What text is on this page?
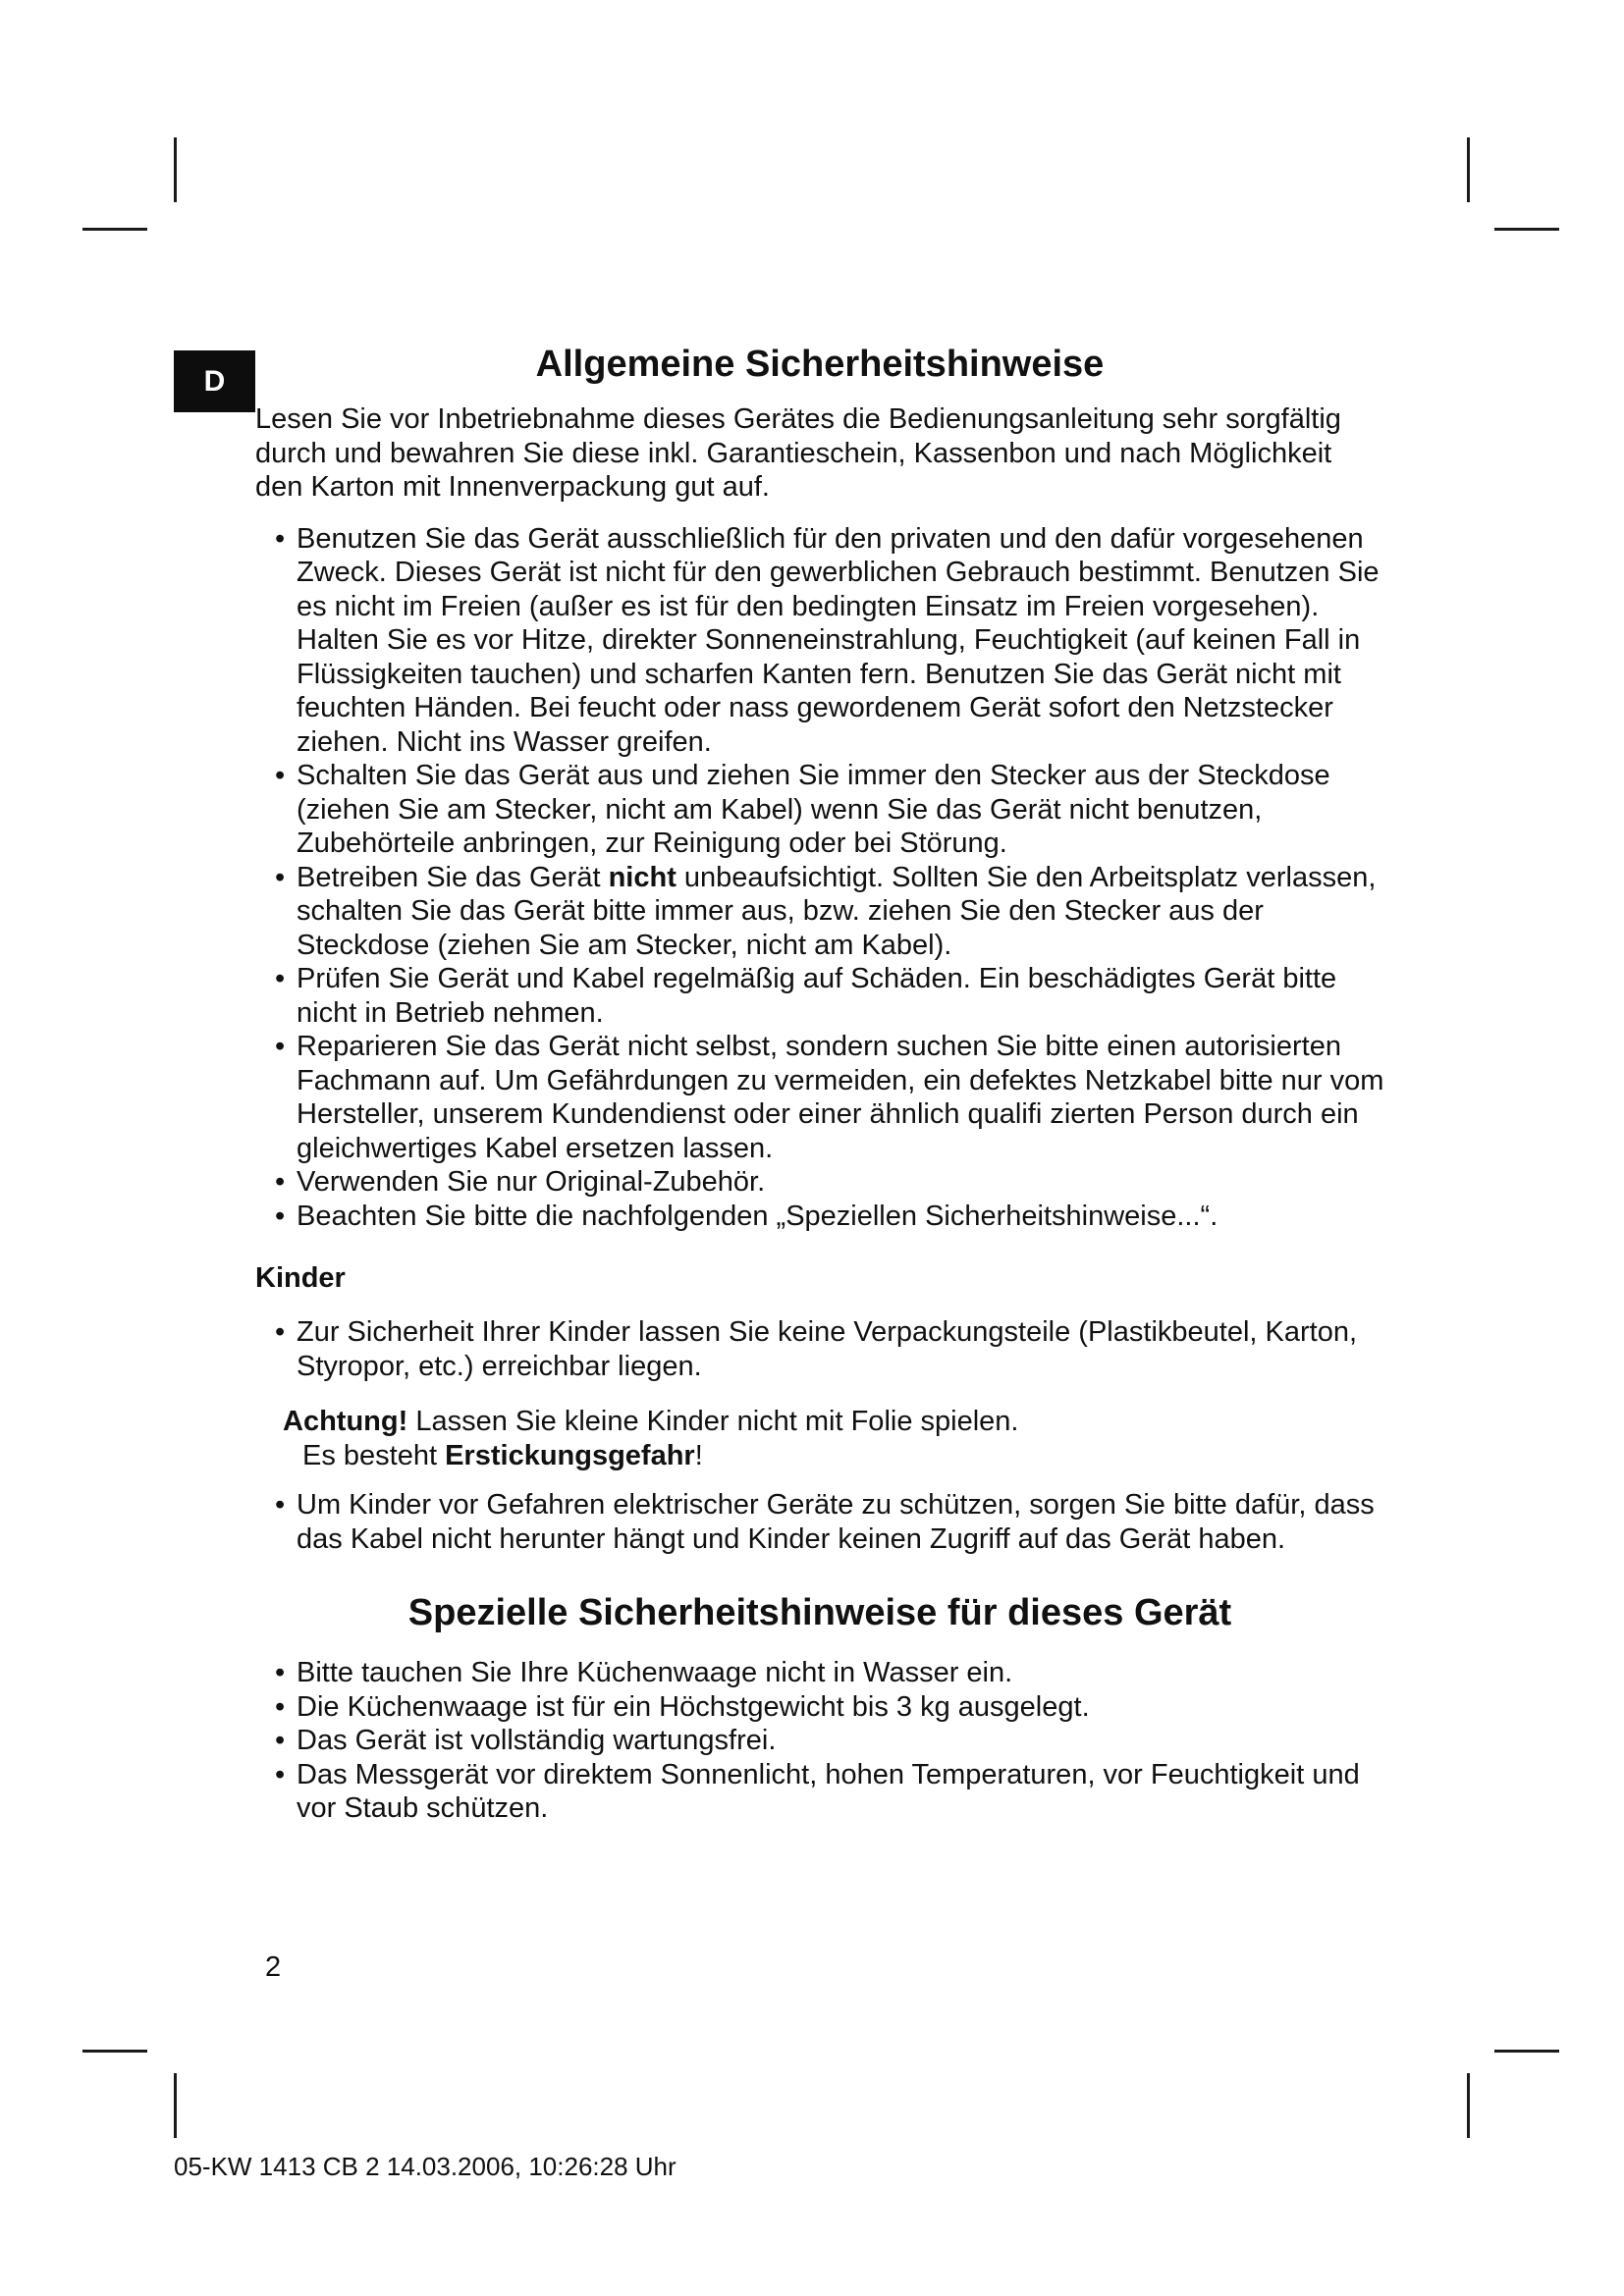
D	Allgemeine Sicherheitshinweise

Lesen Sie vor Inbetriebnahme dieses Gerätes die Bedienungsanleitung sehr sorgfältig durch und bewahren Sie diese inkl. Garantieschein, Kassenbon und nach Möglichkeit den Karton mit Innenverpackung gut auf.

• Benutzen Sie das Gerät ausschließlich für den privaten und den dafür vorgesehenen Zweck. Dieses Gerät ist nicht für den gewerblichen Gebrauch bestimmt. Benutzen Sie es nicht im Freien (außer es ist für den bedingten Einsatz im Freien vorgesehen). Halten Sie es vor Hitze, direkter Sonneneinstrahlung, Feuchtigkeit (auf keinen Fall in Flüssigkeiten tauchen) und scharfen Kanten fern. Benutzen Sie das Gerät nicht mit feuchten Händen. Bei feucht oder nass gewordenem Gerät sofort den Netzstecker ziehen. Nicht ins Wasser greifen.
• Schalten Sie das Gerät aus und ziehen Sie immer den Stecker aus der Steckdose (ziehen Sie am Stecker, nicht am Kabel) wenn Sie das Gerät nicht benutzen, Zubehörteile anbringen, zur Reinigung oder bei Störung.
• Betreiben Sie das Gerät nicht unbeaufsichtigt. Sollten Sie den Arbeitsplatz verlassen, schalten Sie das Gerät bitte immer aus, bzw. ziehen Sie den Stecker aus der Steckdose (ziehen Sie am Stecker, nicht am Kabel).
• Prüfen Sie Gerät und Kabel regelmäßig auf Schäden. Ein beschädigtes Gerät bitte nicht in Betrieb nehmen.
• Reparieren Sie das Gerät nicht selbst, sondern suchen Sie bitte einen autorisierten Fachmann auf. Um Gefährdungen zu vermeiden, ein defektes Netzkabel bitte nur vom Hersteller, unserem Kundendienst oder einer ähnlich qualifi zierten Person durch ein gleichwertiges Kabel ersetzen lassen.
• Verwenden Sie nur Original-Zubehör.
• Beachten Sie bitte die nachfolgenden „Speziellen Sicherheitshinweise...“.
Kinder
• Zur Sicherheit Ihrer Kinder lassen Sie keine Verpackungsteile (Plastikbeutel, Karton, Styropor, etc.) erreichbar liegen.

Achtung! Lassen Sie kleine Kinder nicht mit Folie spielen.

Es besteht Erstickungsgefahr!

• Um Kinder vor Gefahren elektrischer Geräte zu schützen, sorgen Sie bitte dafür, dass das Kabel nicht herunter hängt und Kinder keinen Zugriff auf das Gerät haben.
Spezielle Sicherheitshinweise für dieses Gerät
• Bitte tauchen Sie Ihre Küchenwaage nicht in Wasser ein.
• Die Küchenwaage ist für ein Höchstgewicht bis 3 kg ausgelegt.
• Das Gerät ist vollständig wartungsfrei.
• Das Messgerät vor direktem Sonnenlicht, hohen Temperaturen, vor Feuchtigkeit und vor Staub schützen.
2
05-KW 1413 CB 2 14.03.2006, 10:26:28 Uhr
